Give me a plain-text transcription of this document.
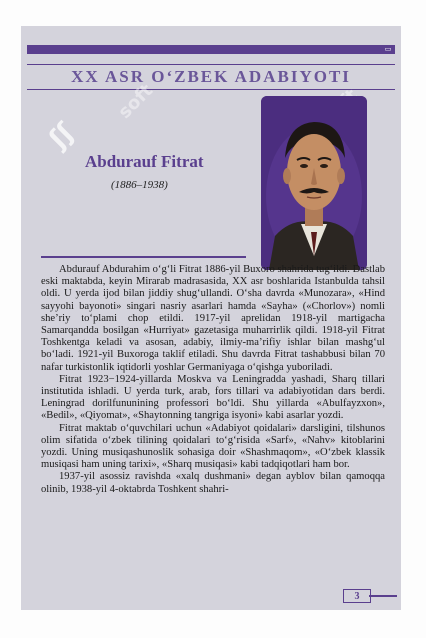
▭
XX ASR O‘ZBEK ADABIYOTI
ʃʃ
soft
Abdurauf Fitrat
(1886–1938)

Abdurauf Abdurahim o‘g‘li Fitrat 1886-yil Buxoro shahrida tug‘ildi. Dastlab eski maktabda, keyin Mirarab madrasasida, XX asr boshlarida Istanbulda tahsil oldi. U yerda ijod bilan jiddiy shug‘ullandi. O‘sha davrda «Munozara», «Hind sayyohi bayonoti» singari nasriy asarlari hamda «Sayha» («Chorlov») nomli she’riy to‘plami chop etildi. 1917-yil aprelidan 1918-yil martigacha Samarqandda bosilgan «Hurriyat» gazetasiga muharrirlik qildi. 1918-yil Fitrat Toshkentga keladi va asosan, adabiy, ilmiy-ma’rifiy ishlar bilan mashg‘ul bo‘ladi. 1921-yil Buxoroga taklif etiladi. Shu davrda Fitrat tashabbusi bilan 70 nafar turkistonlik iqtidorli yoshlar Germaniyaga o‘qishga yuboriladi.

Fitrat 1923−1924-yillarda Moskva va Leningradda yashadi, Sharq tillari institutida ishladi. U yerda turk, arab, fors tillari va adabiyotidan dars berdi. Leningrad dorilfununining professori bo‘ldi. Shu yillarda «Abulfayzxon», «Bedil», «Qiyomat», «Shaytonning tangriga isyoni» kabi asarlar yozdi.

Fitrat maktab o‘quvchilari uchun «Adabiyot qoidalari» darsligini, tilshunos olim sifatida o‘zbek tilining qoidalari to‘g‘risida «Sarf», «Nahv» kitoblarini yozdi. Uning musiqashunoslik sohasiga doir «Shashmaqom», «O‘zbek klassik musiqasi ham uning tarixi», «Sharq musiqasi» kabi tadqiqotlari ham bor.

1937-yil asossiz ravishda «xalq dushmani» degan ayblov bilan qamoqqa olinib, 1938-yil 4-oktabrda Toshkent shahri-

3
